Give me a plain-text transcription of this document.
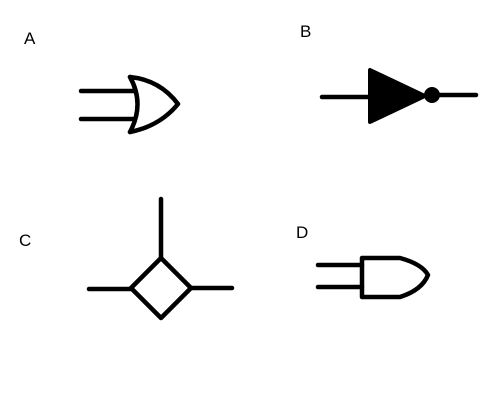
A	B
C	D
